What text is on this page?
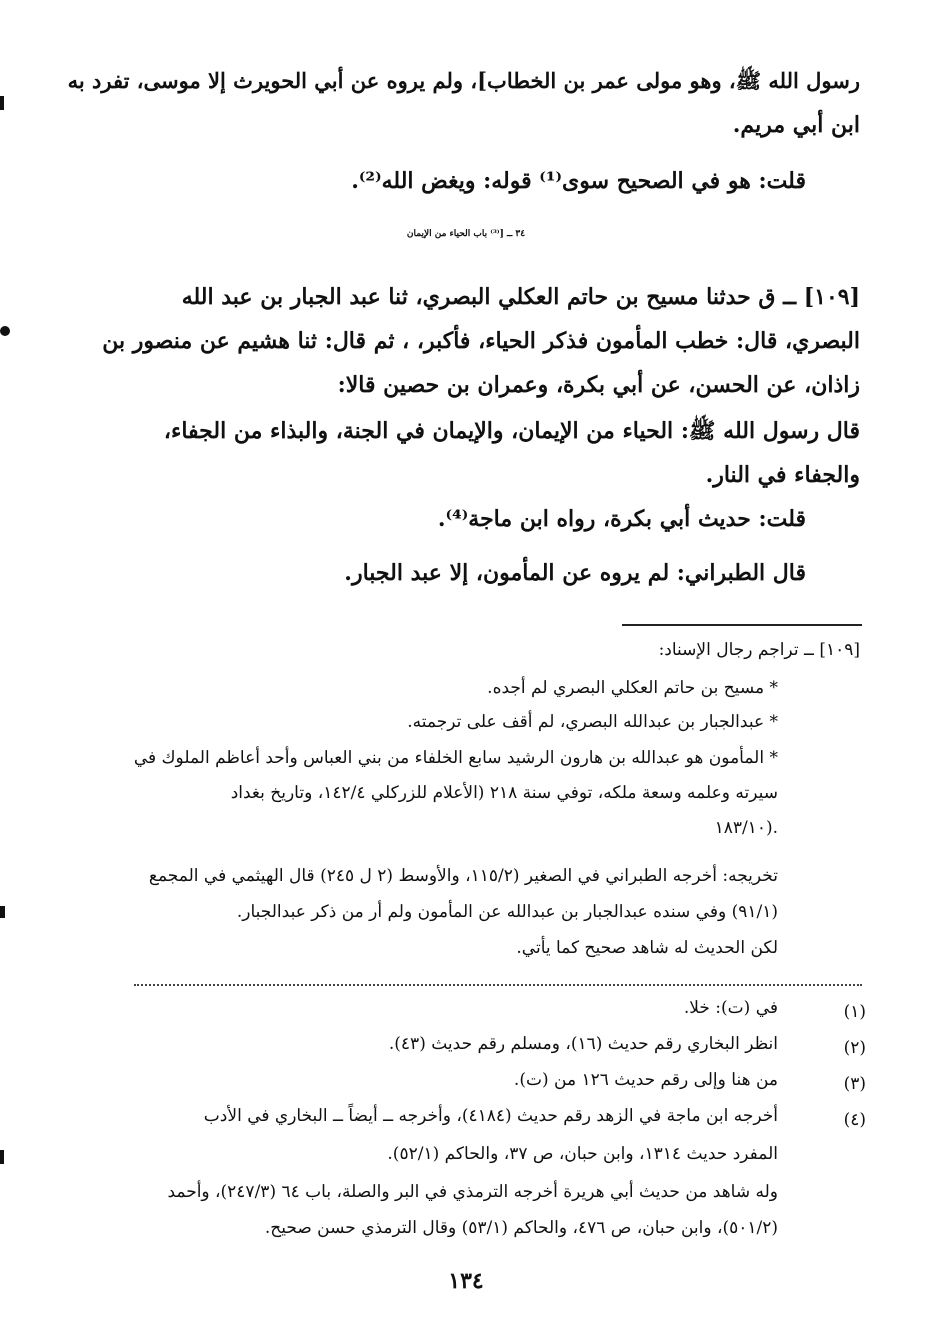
رسول الله ﷺ، وهو مولى عمر بن الخطاب]، ولم يروه عن أبي الحويرث إلا موسى، تفرد به
ابن أبي مريم.
قلت: هو في الصحيح سوى⁽¹⁾ قوله: ويغض الله⁽²⁾.
٣٤ ــ [⁽³⁾ باب الحياء من الإيمان
[١٠٩] ــ ق حدثنا مسيح بن حاتم العكلي البصري، ثنا عبد الجبار بن عبد الله
البصري، قال: خطب المأمون فذكر الحياء، فأكبر، ، ثم قال: ثنا هشيم عن منصور بن
زاذان، عن الحسن، عن أبي بكرة، وعمران بن حصين قالا:
قال رسول الله ﷺ: الحياء من الإيمان، والإيمان في الجنة، والبذاء من الجفاء،
والجفاء في النار.
قلت: حديث أبي بكرة، رواه ابن ماجة⁽⁴⁾.
قال الطبراني: لم يروه عن المأمون، إلا عبد الجبار.
[١٠٩] ــ تراجم رجال الإسناد:
* مسيح بن حاتم العكلي البصري لم أجده.
* عبدالجبار بن عبدالله البصري، لم أقف على ترجمته.
* المأمون هو عبدالله بن هارون الرشيد سابع الخلفاء من بني العباس وأحد أعاظم الملوك في
سيرته وعلمه وسعة ملكه، توفي سنة ٢١٨ (الأعلام للزركلي ١٤٢/٤، وتاريخ بغداد
١٨٣/١٠).
تخريجه: أخرجه الطبراني في الصغير (١١٥/٢، والأوسط (٢ ل ٢٤٥) قال الهيثمي في المجمع
(٩١/١) وفي سنده عبدالجبار بن عبدالله عن المأمون ولم أر من ذكر عبدالجبار.
لكن الحديث له شاهد صحيح كما يأتي.
(١)
في (ت): خلا.
(٢)
انظر البخاري رقم حديث (١٦)، ومسلم رقم حديث (٤٣).
(٣)
من هنا وإلى رقم حديث ١٢٦ من (ت).
(٤)
أخرجه ابن ماجة في الزهد رقم حديث (٤١٨٤)، وأخرجه ــ أيضاً ــ البخاري في الأدب
المفرد حديث ١٣١٤، وابن حبان، ص ٣٧، والحاكم (٥٢/١).
وله شاهد من حديث أبي هريرة أخرجه الترمذي في البر والصلة، باب ٦٤ (٢٤٧/٣)، وأحمد
(٥٠١/٢)، وابن حبان، ص ٤٧٦، والحاكم (٥٣/١) وقال الترمذي حسن صحيح.
١٣٤
